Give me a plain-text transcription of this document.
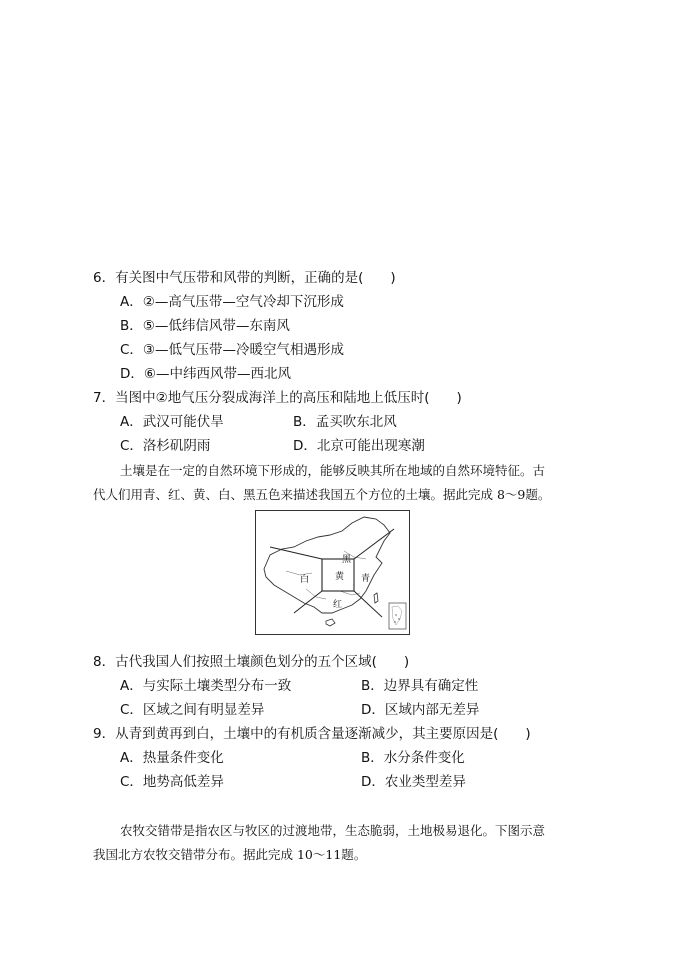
6．有关图中气压带和风带的判断，正确的是(　　)
A．②—高气压带—空气冷却下沉形成
B．⑤—低纬信风带—东南风
C．③—低气压带—冷暖空气相遇形成
D．⑥—中纬西风带—西北风
7．当图中②地气压分裂成海洋上的高压和陆地上低压时(　　)
A．武汉可能伏旱	B．孟买吹东北风
C．洛杉矶阴雨	D．北京可能出现寒潮
土壤是在一定的自然环境下形成的，能够反映其所在地域的自然环境特征。古
代人们用青、红、黄、白、黑五色来描述我国五个方位的土壤。据此完成 8～9题。
黑
白	黄 青
红
8．古代我国人们按照土壤颜色划分的五个区域(　　)
A．与实际土壤类型分布一致	B．边界具有确定性
C．区域之间有明显差异	D．区域内部无差异
9．从青到黄再到白，土壤中的有机质含量逐渐减少，其主要原因是(　　)
A．热量条件变化	B．水分条件变化
C．地势高低差异	D．农业类型差异
农牧交错带是指农区与牧区的过渡地带，生态脆弱，土地极易退化。下图示意
我国北方农牧交错带分布。据此完成 10～11题。
